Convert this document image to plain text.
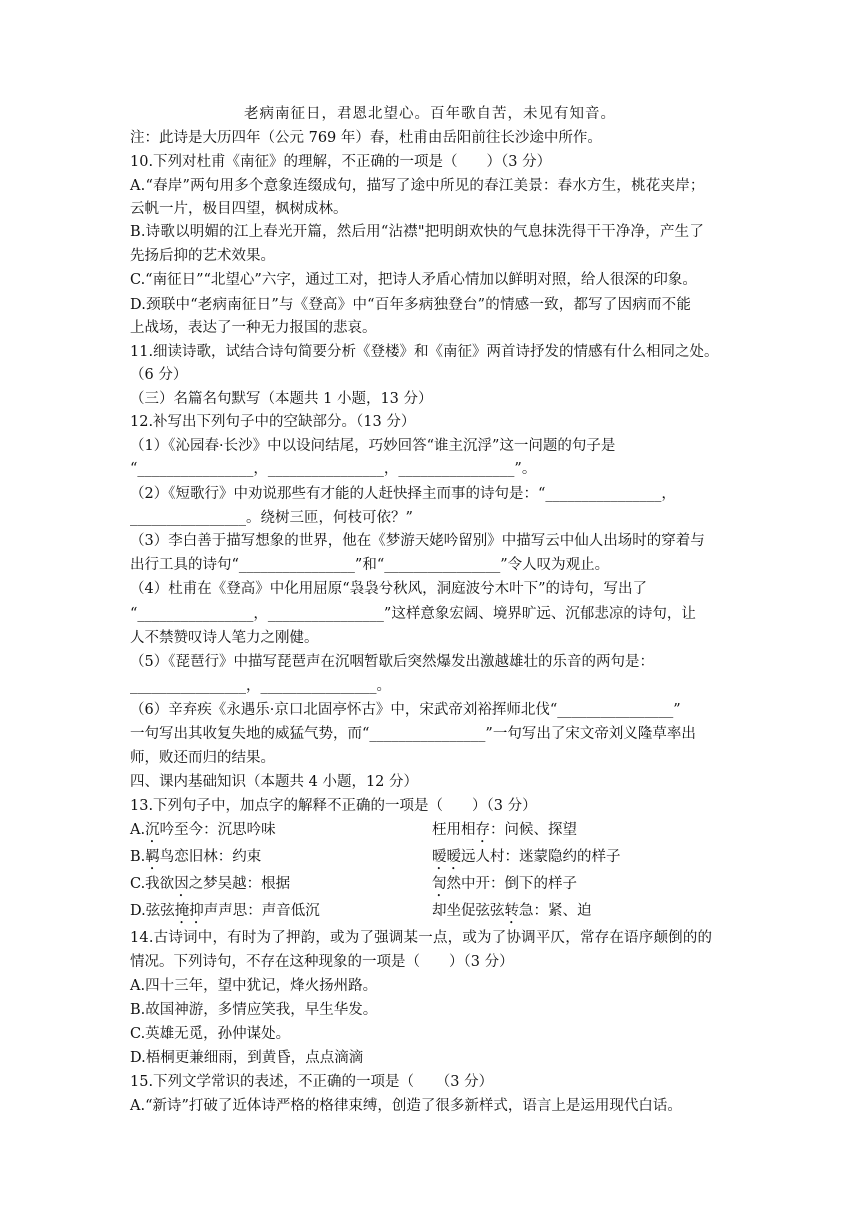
老病南征日，君恩北望心。百年歌自苦，未见有知音。
注：此诗是大历四年（公元 769 年）春，杜甫由岳阳前往长沙途中所作。
10.下列对杜甫《南征》的理解，不正确的一项是（　　）（3 分）
A.“春岸”两句用多个意象连缀成句，描写了途中所见的春江美景：春水方生，桃花夹岸；
云帆一片，极目四望，枫树成林。
B.诗歌以明媚的江上春光开篇，然后用“沾襟"把明朗欢快的气息抹洗得干干净净，产生了
先扬后抑的艺术效果。
C.“南征日”“北望心”六字，通过工对，把诗人矛盾心情加以鲜明对照，给人很深的印象。
D.颈联中“老病南征日”与《登高》中“百年多病独登台”的情感一致，都写了因病而不能
上战场，表达了一种无力报国的悲哀。
11.细读诗歌，试结合诗句简要分析《登楼》和《南征》两首诗抒发的情感有什么相同之处。
（6 分）
（三）名篇名句默写（本题共 1 小题，13 分）
12.补写出下列句子中的空缺部分。（13 分）
（1）《沁园春·长沙》中以设问结尾，巧妙回答“谁主沉浮”这一问题的句子是
“________________，________________，________________”。
（2）《短歌行》中劝说那些有才能的人赶快择主而事的诗句是：“________________，
________________。绕树三匝，何枝可依？”
（3）李白善于描写想象的世界，他在《梦游天姥吟留别》中描写云中仙人出场时的穿着与
出行工具的诗句“________________”和“________________”令人叹为观止。
（4）杜甫在《登高》中化用屈原“袅袅兮秋风，洞庭波兮木叶下”的诗句，写出了
“________________，________________”这样意象宏阔、境界旷远、沉郁悲凉的诗句，让
人不禁赞叹诗人笔力之刚健。
（5）《琵琶行》中描写琵琶声在沉咽暂歇后突然爆发出激越雄壮的乐音的两句是：
________________，________________。
（6）辛弃疾《永遇乐·京口北固亭怀古》中，宋武帝刘裕挥师北伐“________________”
一句写出其收复失地的威猛气势，而“________________”一句写出了宋文帝刘义隆草率出
师，败还而归的结果。
四、课内基础知识（本题共 4 小题，12 分）
13.下列句子中，加点字的解释不正确的一项是（　　）（3 分）
A.沉吟至今：沉思吟味	枉用相存：问候、探望
B.羁鸟恋旧林：约束	暧暧远人村：迷蒙隐约的样子
C.我欲因之梦吴越：根据	訇然中开：倒下的样子
D.弦弦掩抑声声思：声音低沉	却坐促弦弦转急：紧、迫
14.古诗词中，有时为了押韵，或为了强调某一点，或为了协调平仄，常存在语序颠倒的的
情况。下列诗句，不存在这种现象的一项是（　　）（3 分）
A.四十三年，望中犹记，烽火扬州路。
B.故国神游，多情应笑我，早生华发。
C.英雄无觅，孙仲谋处。
D.梧桐更兼细雨，到黄昏，点点滴滴
15.下列文学常识的表述，不正确的一项是（　　（3 分）
A.“新诗”打破了近体诗严格的格律束缚，创造了很多新样式，语言上是运用现代白话。
